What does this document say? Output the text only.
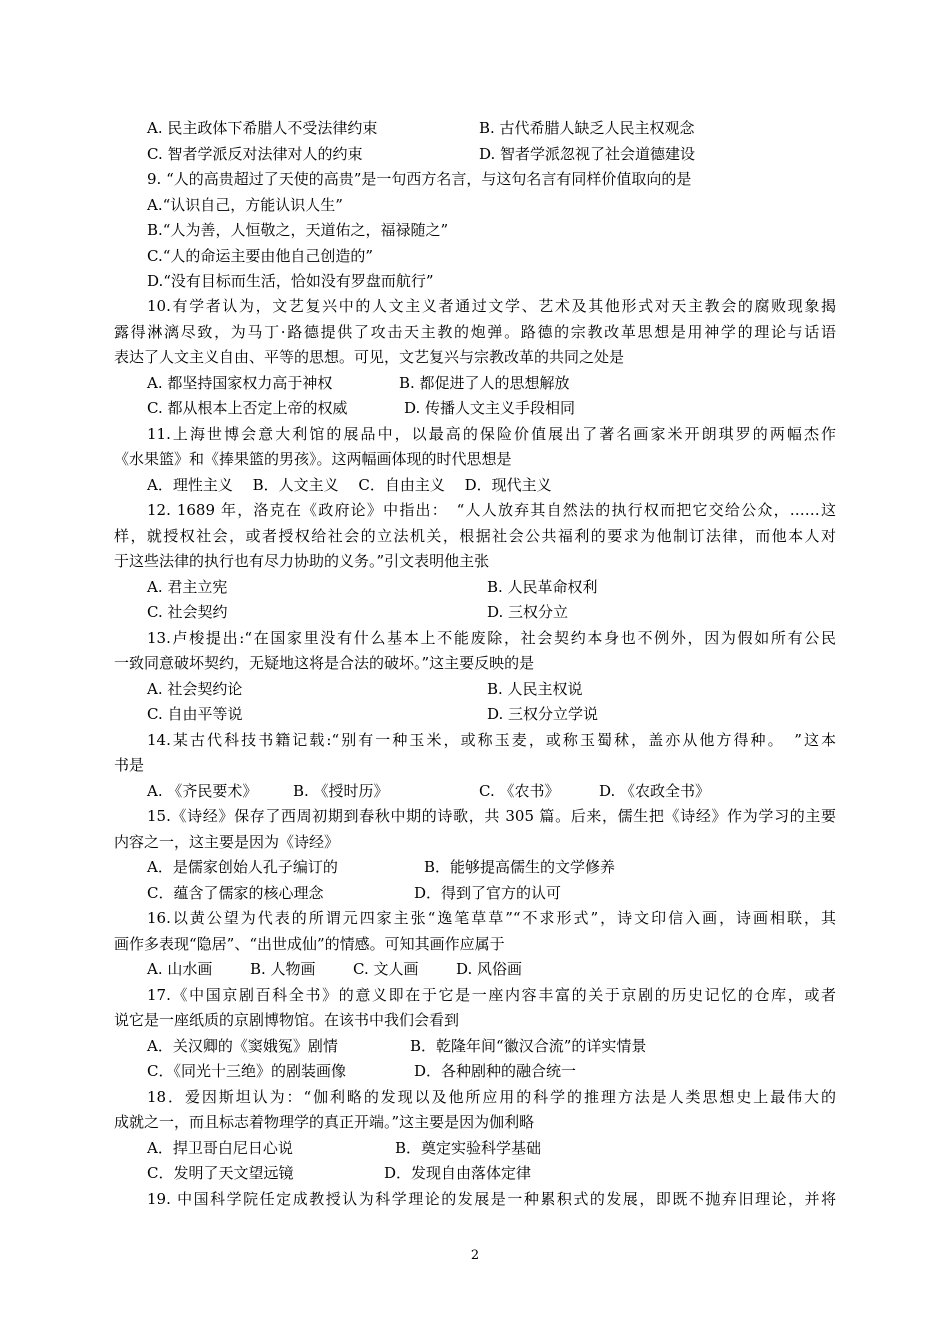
A. 民主政体下希腊人不受法律约束	B. 古代希腊人缺乏人民主权观念
C. 智者学派反对法律对人的约束	D. 智者学派忽视了社会道德建设
9. “人的高贵超过了天使的高贵”是一句西方名言，与这句名言有同样价值取向的是
A.“认识自己，方能认识人生”
B.“人为善，人恒敬之，天道佑之，福禄随之”
C.“人的命运主要由他自己创造的”
D.“没有目标而生活，恰如没有罗盘而航行”
10.有学者认为，文艺复兴中的人文主义者通过文学、艺术及其他形式对天主教会的腐败现象揭
露得淋漓尽致，为马丁·路德提供了攻击天主教的炮弹。路德的宗教改革思想是用神学的理论与话语
表达了人文主义自由、平等的思想。可见，文艺复兴与宗教改革的共同之处是
A. 都坚持国家权力高于神权	B. 都促进了人的思想解放
C. 都从根本上否定上帝的权威	D. 传播人文主义手段相同
11.上海世博会意大利馆的展品中，以最高的保险价值展出了著名画家米开朗琪罗的两幅杰作
《水果篮》和《捧果篮的男孩》。这两幅画体现的时代思想是
A．理性主义　 B．人文主义　 C．自由主义　 D．现代主义
12. 1689 年，洛克在《政府论》中指出：　“人人放弃其自然法的执行权而把它交给公众，……这
样，就授权社会，或者授权给社会的立法机关，根据社会公共福利的要求为他制订法律，而他本人对
于这些法律的执行也有尽力协助的义务。”引文表明他主张
A. 君主立宪	B. 人民革命权利
C. 社会契约	D. 三权分立
13.卢梭提出:“在国家里没有什么基本上不能废除，社会契约本身也不例外，因为假如所有公民
一致同意破坏契约，无疑地这将是合法的破坏。”这主要反映的是
A. 社会契约论	B. 人民主权说
C. 自由平等说	D. 三权分立学说
14.某古代科技书籍记载:“别有一种玉米，或称玉麦，或称玉蜀秫，盖亦从他方得种。　”这本
书是
A. 《齐民要术》 B. 《授时历》	C. 《农书》	D. 《农政全书》
15.《诗经》保存了西周初期到春秋中期的诗歌，共 305 篇。后来，儒生把《诗经》作为学习的主要
内容之一，这主要是因为《诗经》
A．是儒家创始人孔子编订的	B．能够提高儒生的文学修养
C．蕴含了儒家的核心理念	D．得到了官方的认可
16.以黄公望为代表的所谓元四家主张“逸笔草草”“不求形式”，诗文印信入画，诗画相联，其
画作多表现“隐居”、“出世成仙”的情感。可知其画作应属于
A. 山水画	B. 人物画 C. 文人画	D. 风俗画
17.《中国京剧百科全书》的意义即在于它是一座内容丰富的关于京剧的历史记忆的仓库，或者
说它是一座纸质的京剧博物馆。在该书中我们会看到
A．关汉卿的《窦娥冤》剧情	B．乾隆年间“徽汉合流”的详实情景
C．《同光十三绝》的剧装画像	D．各种剧种的融合统一
18．爱因斯坦认为：“伽利略的发现以及他所应用的科学的推理方法是人类思想史上最伟大的
成就之一，而且标志着物理学的真正开端。”这主要是因为伽利略
A．捍卫哥白尼日心说	B．奠定实验科学基础
C．发明了天文望远镜	D．发现自由落体定律
19. 中国科学院任定成教授认为科学理论的发展是一种累积式的发展，即既不抛弃旧理论，并将
2
